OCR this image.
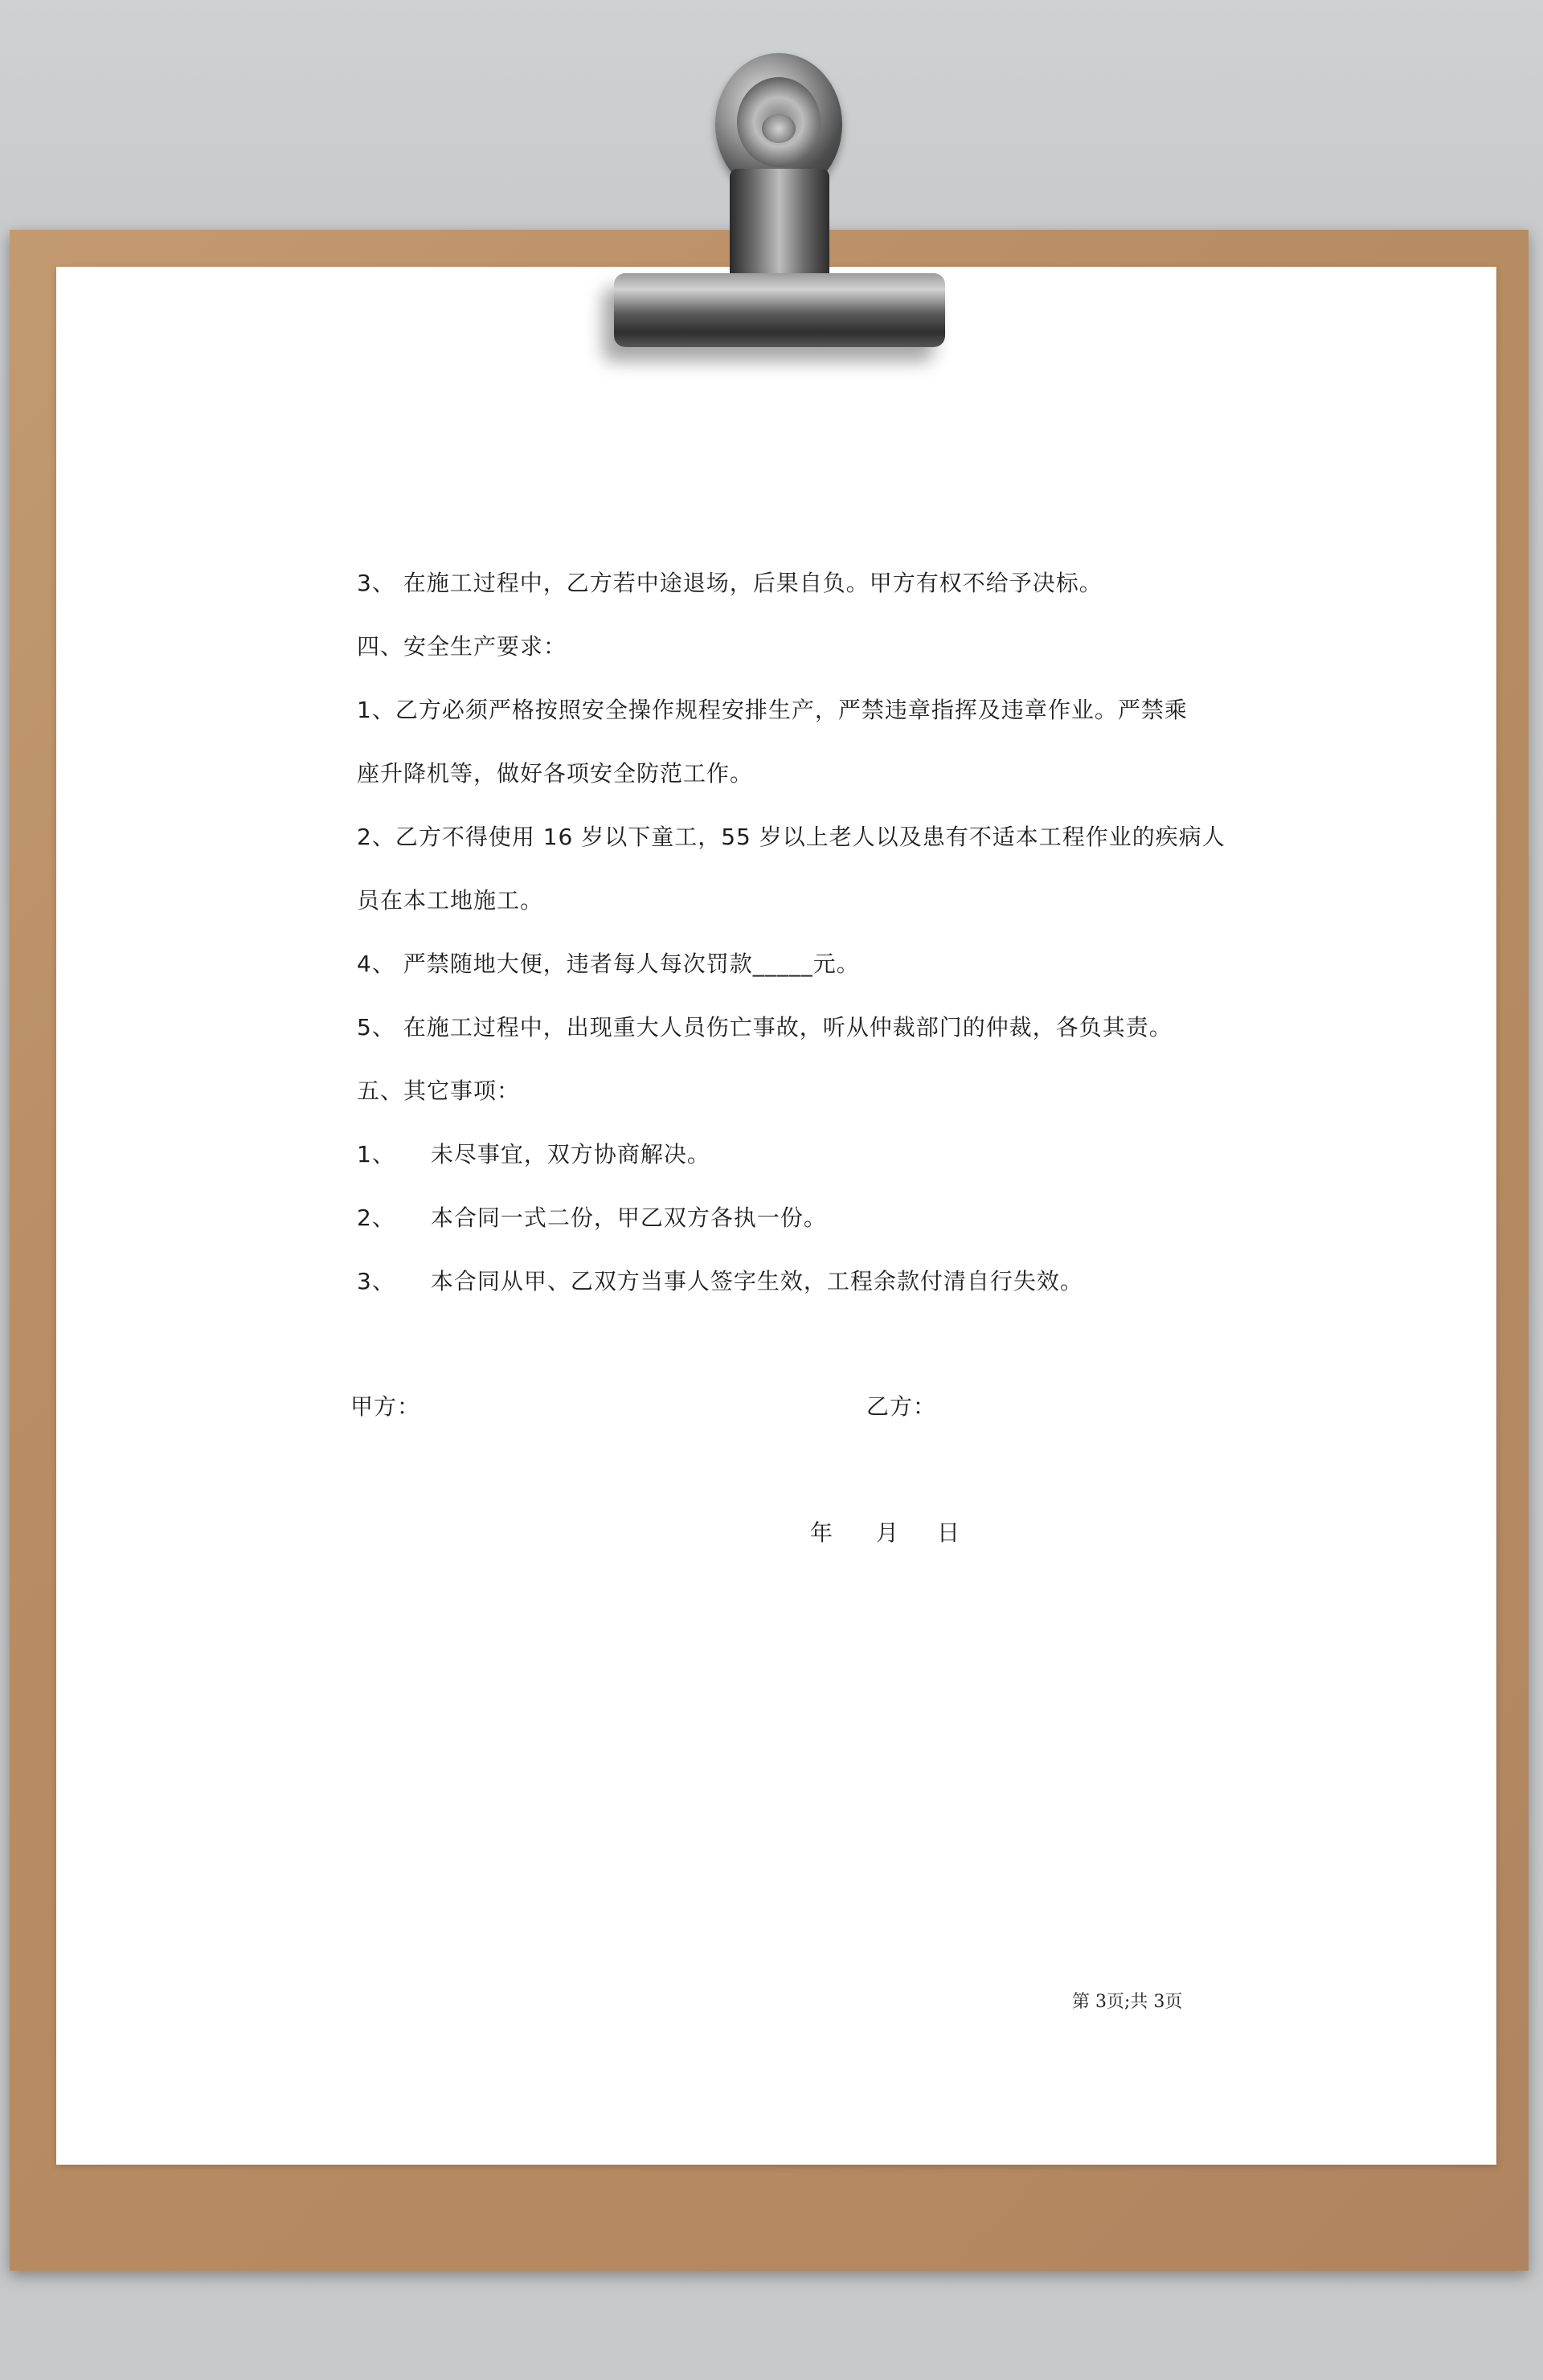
3、 在施工过程中，乙方若中途退场，后果自负。甲方有权不给予决标。
四、安全生产要求：
1、乙方必须严格按照安全操作规程安排生产，严禁违章指挥及违章作业。严禁乘
座升降机等，做好各项安全防范工作。
2、乙方不得使用 16 岁以下童工，55 岁以上老人以及患有不适本工程作业的疾病人
员在本工地施工。
4、 严禁随地大便，违者每人每次罚款_____元。
5、 在施工过程中，出现重大人员伤亡事故，听从仲裁部门的仲裁，各负其责。
五、其它事项：
1、　　未尽事宜，双方协商解决。
2、　　本合同一式二份，甲乙双方各执一份。
3、　　本合同从甲、乙双方当事人签字生效，工程余款付清自行失效。
甲方：	乙方：
年 月 日
第 3页;共 3页
